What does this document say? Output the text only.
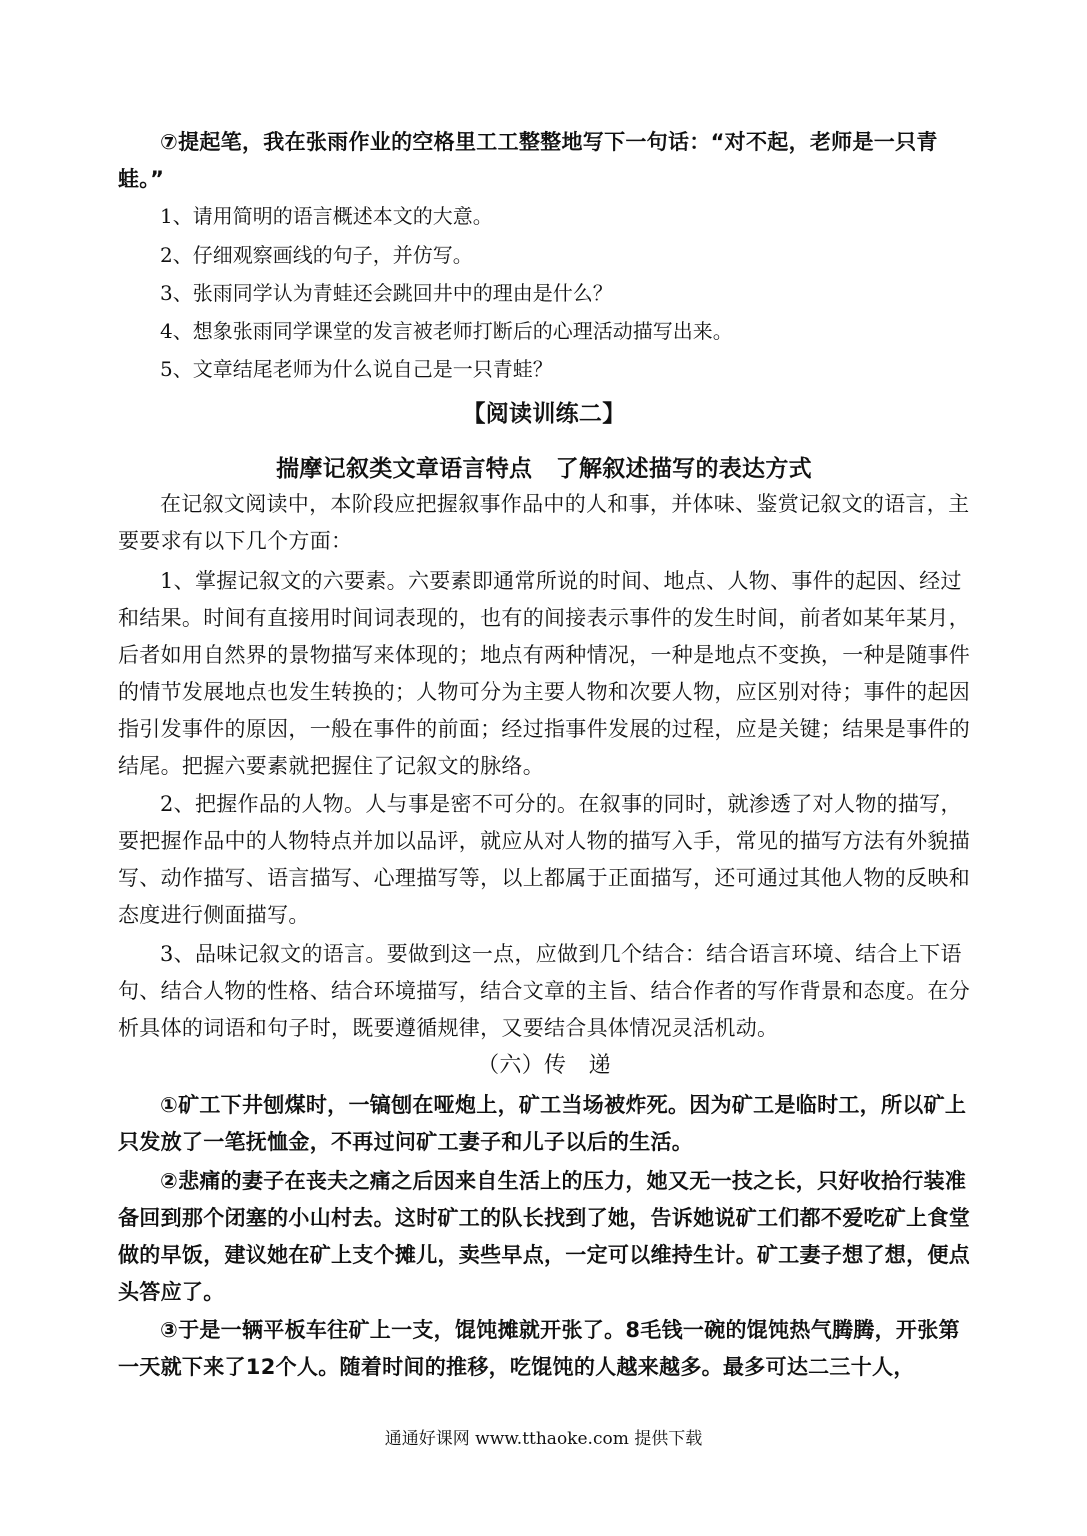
⑦提起笔，我在张雨作业的空格里工工整整地写下一句话：“对不起，老师是一只青蛙。”

1、请用简明的语言概述本文的大意。

2、仔细观察画线的句子，并仿写。

3、张雨同学认为青蛙还会跳回井中的理由是什么？

4、想象张雨同学课堂的发言被老师打断后的心理活动描写出来。

5、文章结尾老师为什么说自己是一只青蛙？

【阅读训练二】

揣摩记叙类文章语言特点　了解叙述描写的表达方式

在记叙文阅读中，本阶段应把握叙事作品中的人和事，并体味、鉴赏记叙文的语言，主要要求有以下几个方面：

1、掌握记叙文的六要素。六要素即通常所说的时间、地点、人物、事件的起因、经过和结果。时间有直接用时间词表现的，也有的间接表示事件的发生时间，前者如某年某月，后者如用自然界的景物描写来体现的；地点有两种情况，一种是地点不变换，一种是随事件的情节发展地点也发生转换的；人物可分为主要人物和次要人物，应区别对待；事件的起因指引发事件的原因，一般在事件的前面；经过指事件发展的过程，应是关键；结果是事件的结尾。把握六要素就把握住了记叙文的脉络。

2、把握作品的人物。人与事是密不可分的。在叙事的同时，就渗透了对人物的描写，要把握作品中的人物特点并加以品评，就应从对人物的描写入手，常见的描写方法有外貌描写、动作描写、语言描写、心理描写等，以上都属于正面描写，还可通过其他人物的反映和态度进行侧面描写。

3、品味记叙文的语言。要做到这一点，应做到几个结合：结合语言环境、结合上下语句、结合人物的性格、结合环境描写，结合文章的主旨、结合作者的写作背景和态度。在分析具体的词语和句子时，既要遵循规律，又要结合具体情况灵活机动。

（六）传　递

①矿工下井刨煤时，一镐刨在哑炮上，矿工当场被炸死。因为矿工是临时工，所以矿上只发放了一笔抚恤金，不再过问矿工妻子和儿子以后的生活。

②悲痛的妻子在丧夫之痛之后因来自生活上的压力，她又无一技之长，只好收拾行装准备回到那个闭塞的小山村去。这时矿工的队长找到了她，告诉她说矿工们都不爱吃矿上食堂做的早饭，建议她在矿上支个摊儿，卖些早点，一定可以维持生计。矿工妻子想了想，便点头答应了。

③于是一辆平板车往矿上一支，馄饨摊就开张了。8毛钱一碗的馄饨热气腾腾，开张第一天就下来了12个人。随着时间的推移，吃馄饨的人越来越多。最多可达二三十人，

通通好课网 www.tthaoke.com 提供下载
